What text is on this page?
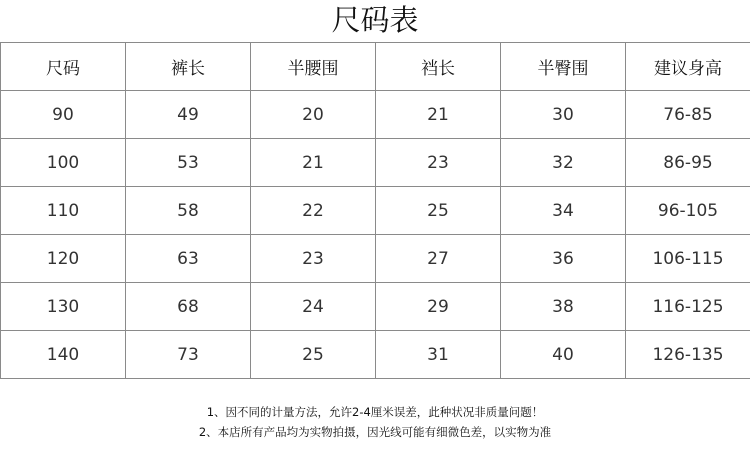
尺码表
尺码	裤长	半腰围	裆长	半臀围	建议身高
90	49	20	21	30	76-85
100	53	21	23	32	86-95
110	58	22	25	34	96-105
120	63	23	27	36	106-115
130	68	24	29	38	116-125
140	73	25	31	40	126-135
1、因不同的计量方法，允许2-4厘米误差，此种状况非质量问题！
2、本店所有产品均为实物拍摄，因光线可能有细微色差，以实物为准
